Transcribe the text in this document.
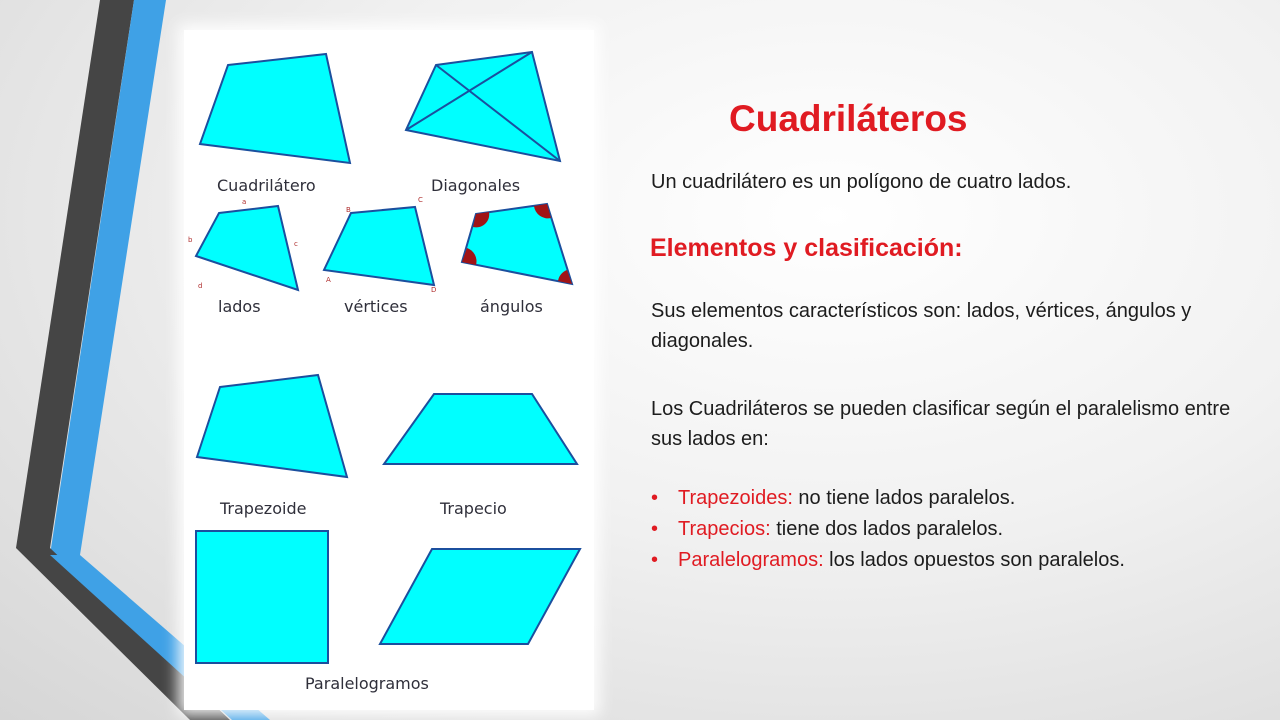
a
b	c
d
A
B
C
D
Cuadrilátero	Diagonales
lados	vértices	ángulos
Trapezoide	Trapecio
Paralelogramos
Cuadriláteros

Un cuadrilátero es un polígono de cuatro lados.

Elementos y clasificación:

Sus elementos característicos son: lados, vértices, ángulos y diagonales.

Los Cuadriláteros se pueden clasificar según el paralelismo entre sus lados en:

• Trapezoides: no tiene lados paralelos.
• Trapecios: tiene dos lados paralelos.
• Paralelogramos: los lados opuestos son paralelos.
